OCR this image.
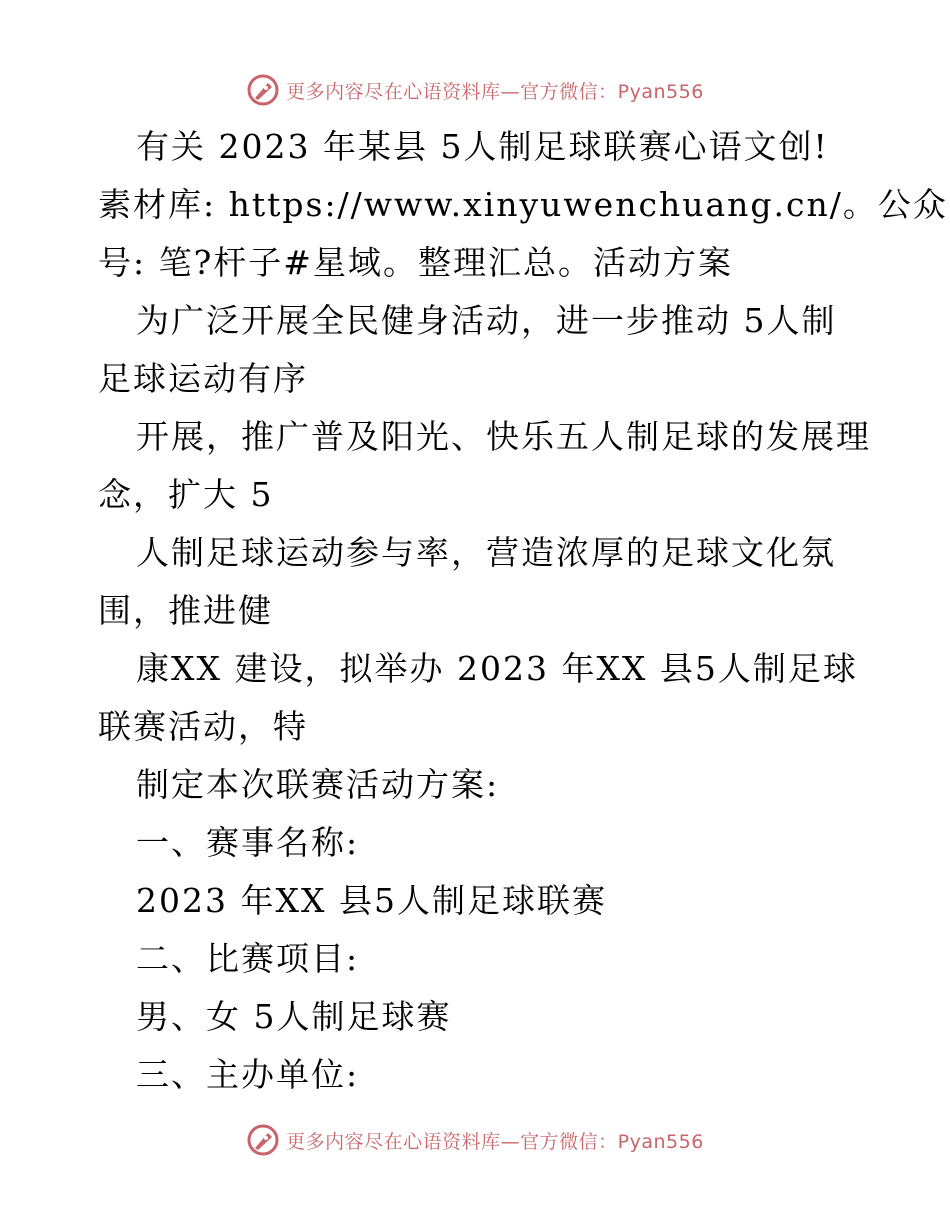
更多内容尽在心语资料库—官方微信：Pyan556
有关 2023 年某县 5人制足球联赛心语文创!
素材库: https://www.xinyuwenchuang.cn/。公众
号: 笔?杆子#星域。整理汇总。活动方案
为广泛开展全民健身活动，进一步推动 5人制
足球运动有序
开展，推广普及阳光、快乐五人制足球的发展理
念，扩大 5
人制足球运动参与率，营造浓厚的足球文化氛
围，推进健
康XX 建设，拟举办 2023 年XX 县5人制足球
联赛活动，特
制定本次联赛活动方案:
一、赛事名称:
2023 年XX 县5人制足球联赛
二、比赛项目:
男、女 5人制足球赛
三、主办单位:
更多内容尽在心语资料库—官方微信：Pyan556
